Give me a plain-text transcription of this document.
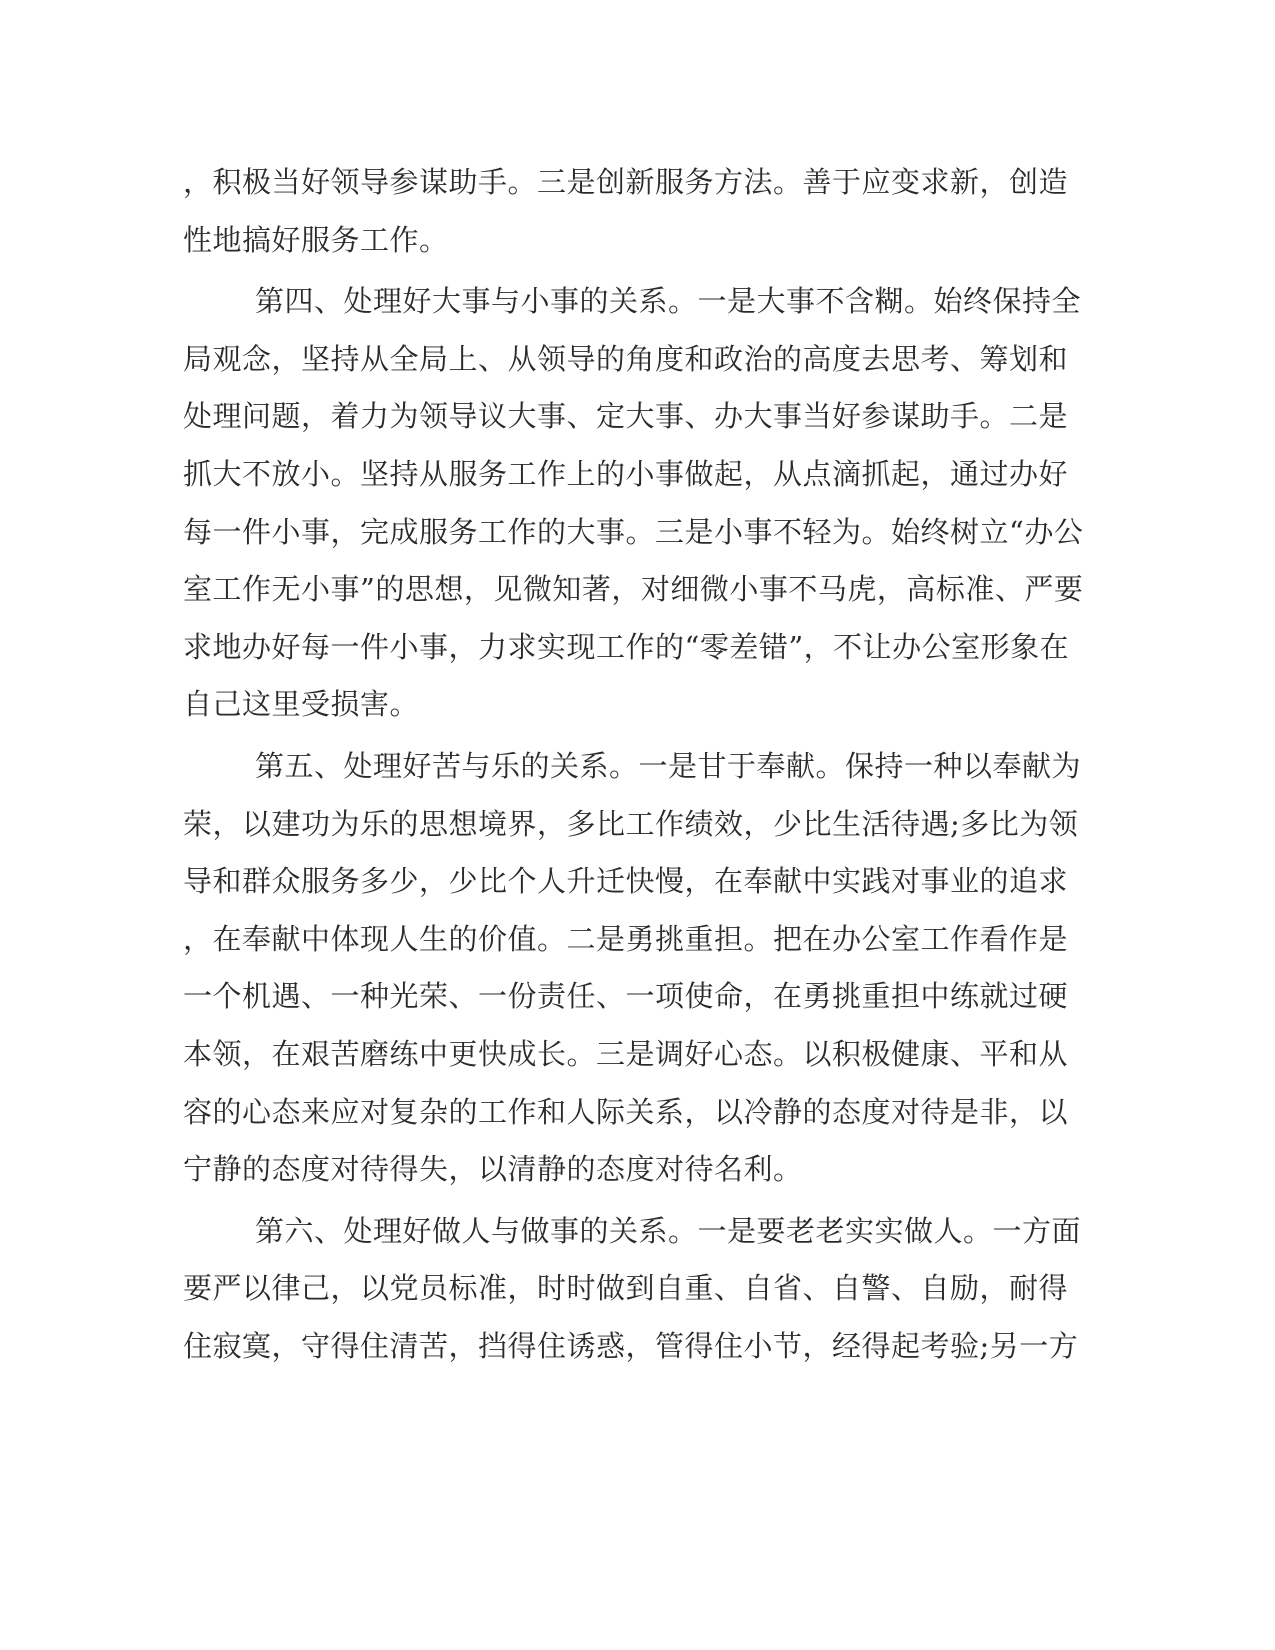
，积极当好领导参谋助手。三是创新服务方法。善于应变求新，创造
性地搞好服务工作。
第四、处理好大事与小事的关系。一是大事不含糊。始终保持全
局观念，坚持从全局上、从领导的角度和政治的高度去思考、筹划和
处理问题，着力为领导议大事、定大事、办大事当好参谋助手。二是
抓大不放小。坚持从服务工作上的小事做起，从点滴抓起，通过办好
每一件小事，完成服务工作的大事。三是小事不轻为。始终树立“办公
室工作无小事”的思想，见微知著，对细微小事不马虎，高标准、严要
求地办好每一件小事，力求实现工作的“零差错”，不让办公室形象在
自己这里受损害。
第五、处理好苦与乐的关系。一是甘于奉献。保持一种以奉献为
荣，以建功为乐的思想境界，多比工作绩效，少比生活待遇;多比为领
导和群众服务多少，少比个人升迁快慢，在奉献中实践对事业的追求
，在奉献中体现人生的价值。二是勇挑重担。把在办公室工作看作是
一个机遇、一种光荣、一份责任、一项使命，在勇挑重担中练就过硬
本领，在艰苦磨练中更快成长。三是调好心态。以积极健康、平和从
容的心态来应对复杂的工作和人际关系，以冷静的态度对待是非，以
宁静的态度对待得失，以清静的态度对待名利。
第六、处理好做人与做事的关系。一是要老老实实做人。一方面
要严以律己，以党员标准，时时做到自重、自省、自警、自励，耐得
住寂寞，守得住清苦，挡得住诱惑，管得住小节，经得起考验;另一方
